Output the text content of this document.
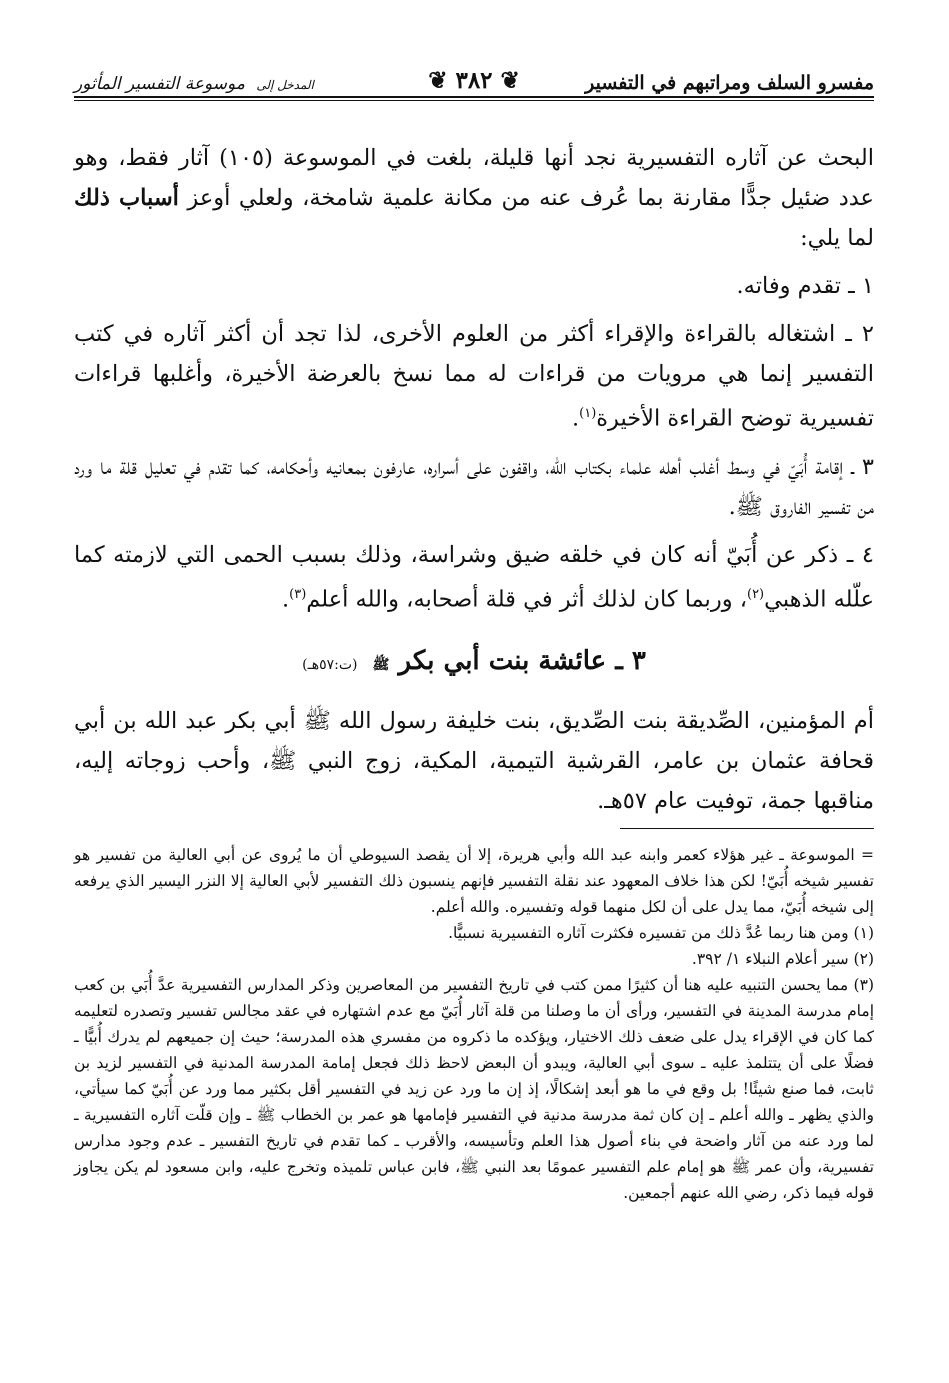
مفسرو السلف ومراتبهم في التفسير
المدخل إلى موسوعة التفسير المأثور	❦ ٣٨٢ ❦

البحث عن آثاره التفسيرية نجد أنها قليلة، بلغت في الموسوعة (١٠٥) آثار فقط، وهو عدد ضئيل جدًّا مقارنة بما عُرف عنه من مكانة علمية شامخة، ولعلي أوعز أسباب ذلك لما يلي:

١ ـ تقدم وفاته.

٢ ـ اشتغاله بالقراءة والإقراء أكثر من العلوم الأخرى، لذا تجد أن أكثر آثاره في كتب التفسير إنما هي مرويات من قراءات له مما نسخ بالعرضة الأخيرة، وأغلبها قراءات تفسيرية توضح القراءة الأخيرة$^{(١)}$.

٣ ـ إقامة أُبَيّ في وسط أغلب أهله علماء بكتاب الله، واقفون على أسراره، عارفون بمعانيه وأحكامه، كما تقدم في تعليل قلة ما ورد من تفسير الفاروق ﷺ.

٤ ـ ذكر عن أُبَيّ أنه كان في خلقه ضيق وشراسة، وذلك بسبب الحمى التي لازمته كما علّله الذهبي$^{(٢)}$، وربما كان لذلك أثر في قلة أصحابه، والله أعلم$^{(٣)}$.

٣ ـ عائشة بنت أبي بكر ﷺ (ت:٥٧هـ)

أم المؤمنين، الصِّديقة بنت الصِّديق، بنت خليفة رسول الله ﷺ أبي بكر عبد الله بن أبي قحافة عثمان بن عامر، القرشية التيمية، المكية، زوج النبي ﷺ، وأحب زوجاته إليه، مناقبها جمة، توفيت عام ٥٧هـ.

= الموسوعة ـ غير هؤلاء كعمر وابنه عبد الله وأبي هريرة، إلا أن يقصد السيوطي أن ما يُروى عن أبي العالية من تفسير هو تفسير شيخه أُبَيّ! لكن هذا خلاف المعهود عند نقلة التفسير فإنهم ينسبون ذلك التفسير لأبي العالية إلا النزر اليسير الذي يرفعه إلى شيخه أُبَيّ، مما يدل على أن لكل منهما قوله وتفسيره. والله أعلم.

(١) ومن هنا ربما عُدَّ ذلك من تفسيره فكثرت آثاره التفسيرية نسبيًّا.

(٢) سير أعلام النبلاء ١/ ٣٩٢.

(٣) مما يحسن التنبيه عليه هنا أن كثيرًا ممن كتب في تاريخ التفسير من المعاصرين وذكر المدارس التفسيرية عدَّ أُبَي بن كعب إمام مدرسة المدينة في التفسير، ورأى أن ما وصلنا من قلة آثار أُبَيّ مع عدم اشتهاره في عقد مجالس تفسير وتصدره لتعليمه كما كان في الإقراء يدل على ضعف ذلك الاختيار، ويؤكده ما ذكروه من مفسري هذه المدرسة؛ حيث إن جميعهم لم يدرك أُبيًّا ـ فضلًا على أن يتتلمذ عليه ـ سوى أبي العالية، ويبدو أن البعض لاحظ ذلك فجعل إمامة المدرسة المدنية في التفسير لزيد بن ثابت، فما صنع شيئًا! بل وقع في ما هو أبعد إشكالًا، إذ إن ما ورد عن زيد في التفسير أقل بكثير مما ورد عن أُبَيّ كما سيأتي، والذي يظهر ـ والله أعلم ـ إن كان ثمة مدرسة مدنية في التفسير فإمامها هو عمر بن الخطاب ﷺ ـ وإن قلّت آثاره التفسيرية ـ لما ورد عنه من آثار واضحة في بناء أصول هذا العلم وتأسيسه، والأقرب ـ كما تقدم في تاريخ التفسير ـ عدم وجود مدارس تفسيرية، وأن عمر ﷺ هو إمام علم التفسير عمومًا بعد النبي ﷺ، فابن عباس تلميذه وتخرج عليه، وابن مسعود لم يكن يجاوز قوله فيما ذكر، رضي الله عنهم أجمعين.
